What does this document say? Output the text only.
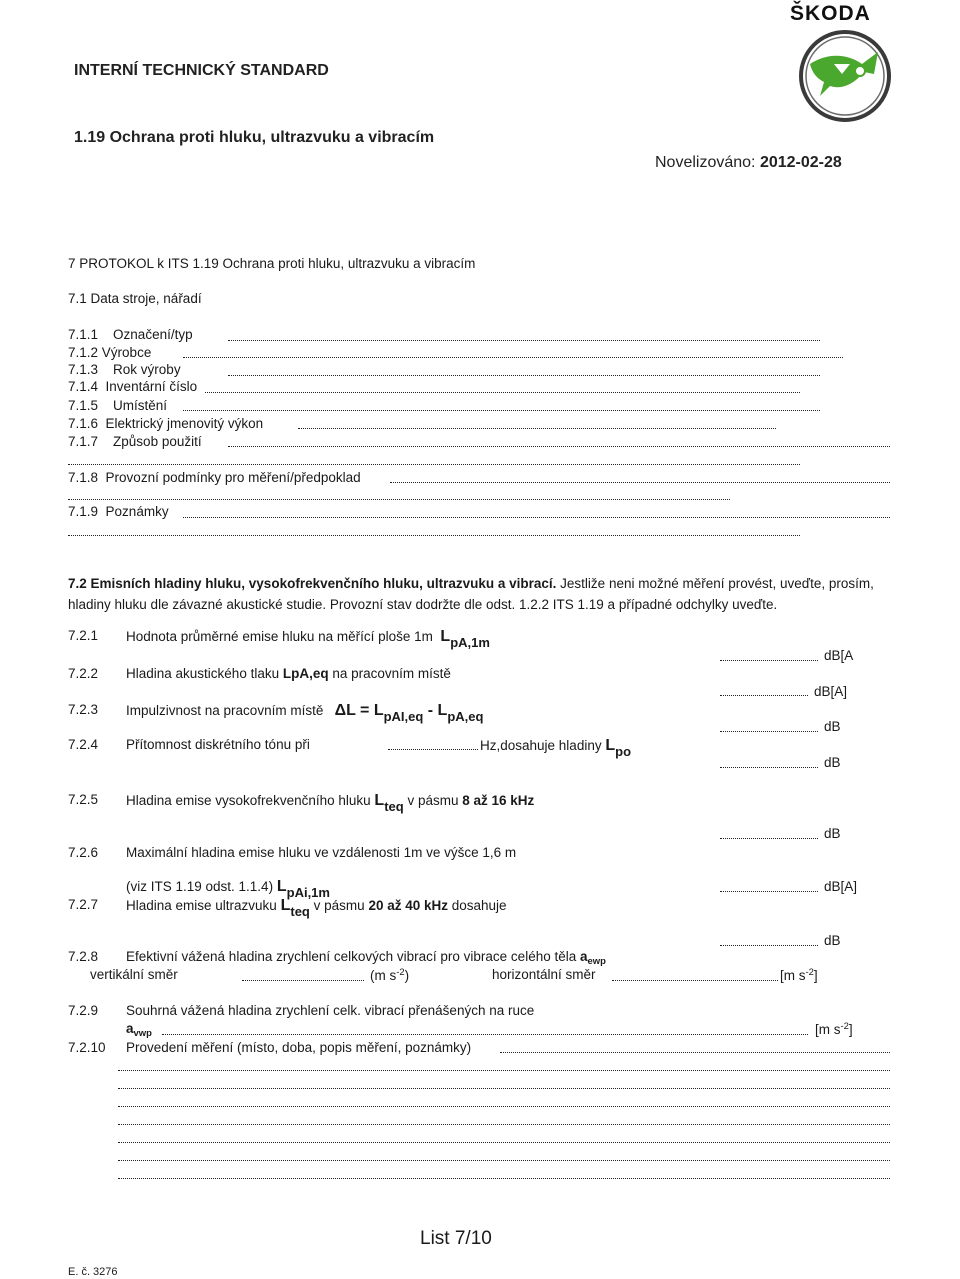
ŠKODA
INTERNÍ TECHNICKÝ STANDARD
1.19 Ochrana proti hluku, ultrazvuku a vibracím
Novelizováno: 2012-02-28
7 PROTOKOL k ITS 1.19 Ochrana proti hluku, ultrazvuku a vibracím
7.1 Data stroje, nářadí
7.1.1 Označení/typ
7.1.2 Výrobce
7.1.3 Rok výroby
7.1.4 Inventární číslo
7.1.5 Umístění
7.1.6 Elektrický jmenovitý výkon
7.1.7 Způsob použití
7.1.8 Provozní podmínky pro měření/předpoklad
7.1.9 Poznámky
7.2 Emisních hladiny hluku, vysokofrekvenčního hluku, ultrazvuku a vibrací. Jestliže neni možné měření provést, uveďte, prosím, hladiny hluku dle závazné akustické studie. Provozní stav dodržte dle odst. 1.2.2 ITS 1.19 a případné odchylky uveďte.
7.2.1 Hodnota průměrné emise hluku na měřící ploše 1m $L_{pA,1m}$
dB[A
7.2.2 Hladina akustického tlaku LpA,eq na pracovním místě
dB[A]
7.2.3 Impulzivnost na pracovním místě $\Delta L = L_{pAI,eq} - L_{pA,eq}$
dB
7.2.4 Přítomnost diskrétního tónu při	Hz,dosahuje hladiny $L_{po}$
dB
7.2.5 Hladina emise vysokofrekvenčního hluku $L_{teq}$ v pásmu 8 až 16 kHz
dB
7.2.6 Maximální hladina emise hluku ve vzdálenosti 1m ve výšce 1,6 m
(viz ITS 1.19 odst. 1.1.4) $L_{pAi,1m}$	dB[A]
7.2.7 Hladina emise ultrazvuku $L_{teq}$ v pásmu 20 až 40 kHz dosahuje
dB
7.2.8 Efektivní vážená hladina zrychlení celkových vibrací pro vibrace celého těla $a_{ewp}$
vertikální směr	(m $s^{-2}$)	horizontální směr	[m $s^{-2}$]
7.2.9 Souhrná vážená hladina zrychlení celk. vibrací přenášených na ruce
$a_{vwp}$	[m $s^{-2}$]
7.2.10 Provedení měření (místo, doba, popis měření, poznámky)
List 7/10
E. č. 3276
